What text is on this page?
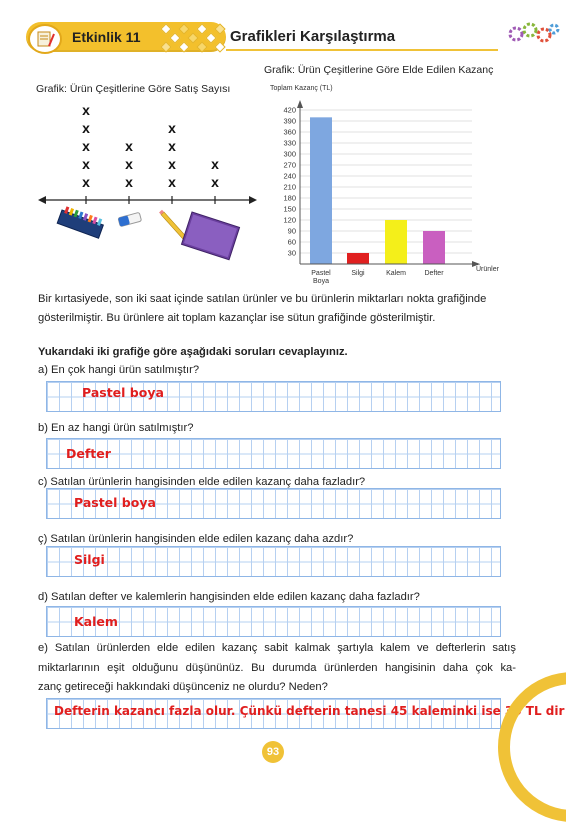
Etkinlik 11	Grafikleri Karşılaştırma
Grafik: Ürün Çeşitlerine Göre Satış Sayısı
x
x
x
x
x
x
x
x
x
x
x
x
x
x
Grafik: Ürün Çeşitlerine Göre Elde Edilen Kazanç
Toplam Kazanç (TL)
30
60
90
120
150
180
210
240
270
300
330
360
390
420
Pastel
Boya
Silgi	Kalem	Defter
Ürünler
Bir kırtasiyede, son iki saat içinde satılan ürünler ve bu ürünlerin miktarları nokta grafiğinde gösterilmiştir. Bu ürünlere ait toplam kazançlar ise sütun grafiğinde gösterilmiştir.
Yukarıdaki iki grafiğe göre aşağıdaki soruları cevaplayınız.
a) En çok hangi ürün satılmıştır?
Pastel boya
b) En az hangi ürün satılmıştır?
Defter
c) Satılan ürünlerin hangisinden elde edilen kazanç daha fazladır?
Pastel boya
ç) Satılan ürünlerin hangisinden elde edilen kazanç daha azdır?
Silgi
d) Satılan defter ve kalemlerin hangisinden elde edilen kazanç daha fazladır?
Kalem
e) Satılan ürünlerden elde edilen kazanç sabit kalmak şartıyla kalem ve defterlerin satış
miktarlarının eşit olduğunu düşününüz. Bu durumda ürünlerden hangisinin daha çok ka-
zanç getireceği hakkındaki düşünceniz ne olurdu? Neden?
Defterin kazancı fazla olur. Çünkü defterin tanesi 45 kaleminki ise 30 TL dir
93
